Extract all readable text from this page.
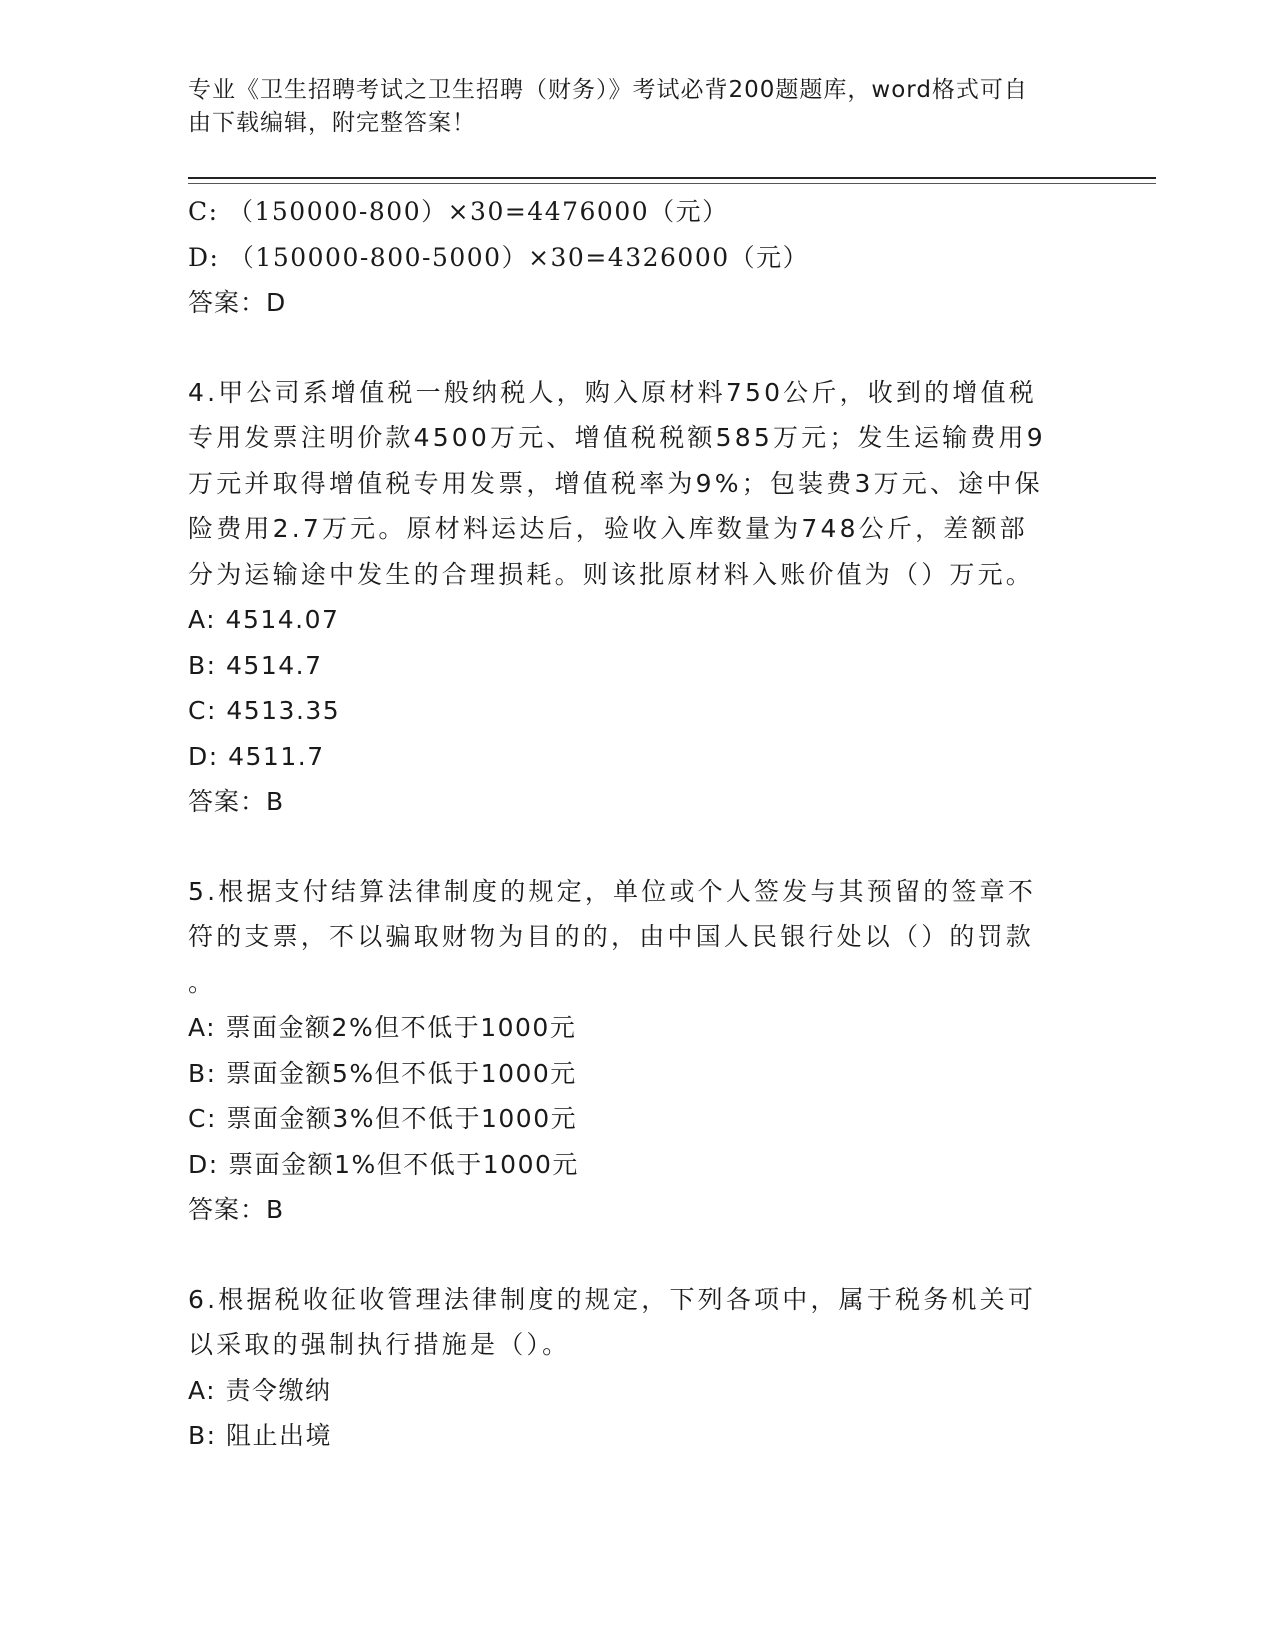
专业《卫生招聘考试之卫生招聘（财务）》考试必背200题题库，word格式可自
由下载编辑，附完整答案！
C: （150000-800）×30=4476000（元）
D: （150000-800-5000）×30=4326000（元）
答案：D
4.甲公司系增值税一般纳税人，购入原材料750公斤，收到的增值税
专用发票注明价款4500万元、增值税税额585万元；发生运输费用9
万元并取得增值税专用发票，增值税率为9%；包装费3万元、途中保
险费用2.7万元。原材料运达后，验收入库数量为748公斤，差额部
分为运输途中发生的合理损耗。则该批原材料入账价值为（）万元。
A: 4514.07
B: 4514.7
C: 4513.35
D: 4511.7
答案：B
5.根据支付结算法律制度的规定，单位或个人签发与其预留的签章不
符的支票，不以骗取财物为目的的，由中国人民银行处以（）的罚款
。
A: 票面金额2%但不低于1000元
B: 票面金额5%但不低于1000元
C: 票面金额3%但不低于1000元
D: 票面金额1%但不低于1000元
答案：B
6.根据税收征收管理法律制度的规定，下列各项中，属于税务机关可
以采取的强制执行措施是（）。
A: 责令缴纳
B: 阻止出境
